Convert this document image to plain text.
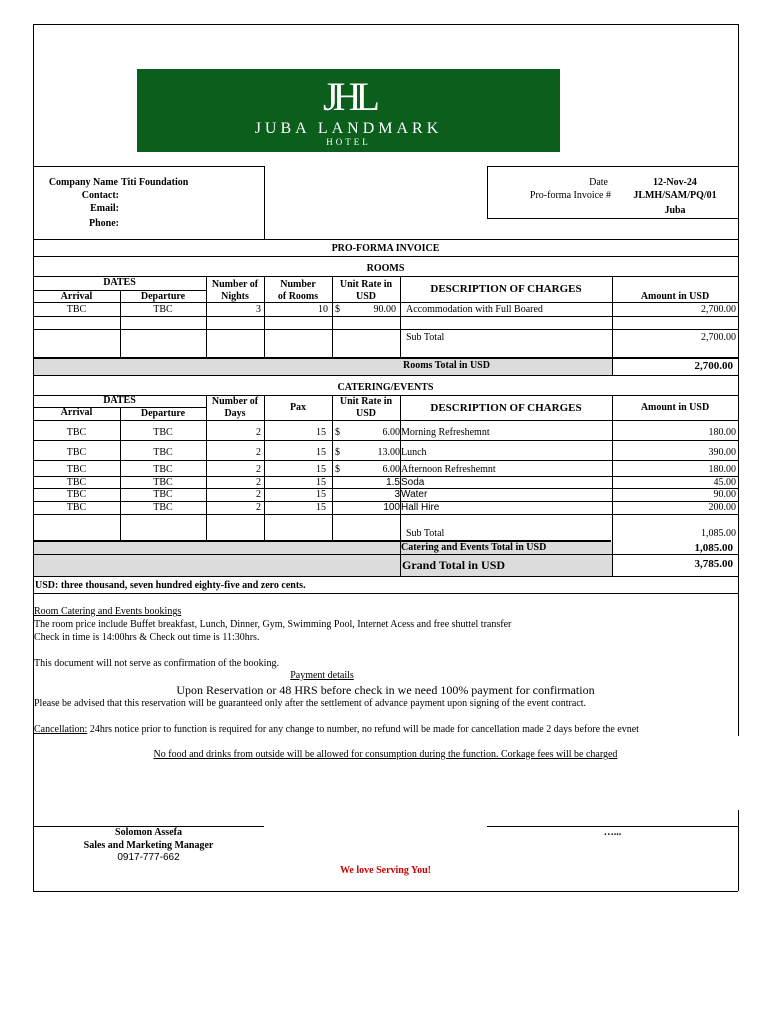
JHL
JUBA LANDMARK
HOTEL
Company Name Titi Foundation
Contact:
Email:
Phone:
Date	12-Nov-24
Pro-forma Invoice #	JLMH/SAM/PQ/01
Juba
PRO-FORMA INVOICE
ROOMS
DATES
Arrival	Departure
Number of
Nights
Number
of Rooms
Unit Rate in
USD
DESCRIPTION OF CHARGES
Amount in USD
TBC	TBC	3	10 $	90.00 Accommodation with Full Boared	2,700.00
Sub Total	2,700.00
Rooms Total in USD	2,700.00
CATERING/EVENTS
DATES
Arrival	Departure
Number of
Days
Pax
Unit Rate in
USD	DESCRIPTION OF CHARGES	Amount in USD
TBC	TBC	2	15 $	6.00 Morning Refreshemnt	180.00
TBC	TBC	2	15 $	13.00 Lunch	390.00
TBC	TBC	2	15 $	6.00 Afternoon Refreshemnt	180.00
TBC	TBC	2	15	1.5 Soda	45.00
TBC	TBC	2	15	3 Water	90.00
TBC	TBC	2	15	100 Hall Hire	200.00
Sub Total	1,085.00
Catering and Events Total in USD	1,085.00
Grand Total in USD	3,785.00
USD: three thousand, seven hundred eighty-five and zero cents.
Room Catering and Events bookings
The room price include Buffet breakfast, Lunch, Dinner, Gym, Swimming Pool, Internet Acess and free shuttel transfer
Check in time is 14:00hrs & Check out time is 11:30hrs.
This document will not serve as confirmation of the booking.
Payment details
Upon Reservation or 48 HRS before check in we need 100% payment for confirmation
Please be advised that this reservation will be guaranteed only after the settlement of advance payment upon signing of the event contract.
Cancellation: 24hrs notice prior to function is required for any change to number, no refund will be made for cancellation made 2 days before the evnet
No food and drinks from outside will be allowed for consumption during the function. Corkage fees will be charged
Solomon Assefa
Sales and Marketing Manager
0917-777-662
…...
We love Serving You!
